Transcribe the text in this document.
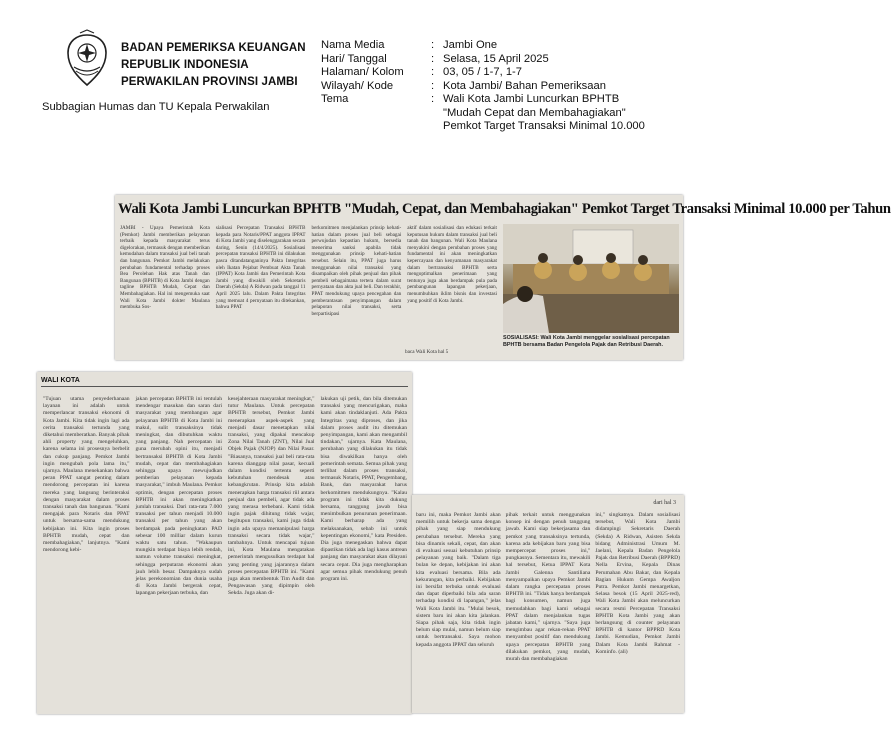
BADAN PEMERIKSA KEUANGAN
REPUBLIK INDONESIA
PERWAKILAN PROVINSI JAMBI
Subbagian Humas dan TU Kepala Perwakilan
Nama Media	: Jambi One
Hari/ Tanggal	: Selasa, 15 April 2025
Halaman/ Kolom	: 03, 05 / 1-7, 1-7
Wilayah/ Kode	: Kota Jambi/ Bahan Pemeriksaan
Tema	: Wali Kota Jambi Luncurkan BPHTB
"Mudah Cepat dan Membahagiakan"
Pemkot Target Transaksi Minimal 10.000
Wali Kota Jambi Luncurkan BPHTB "Mudah, Cepat, dan Membahagiakan" Pemkot Target Transaksi Minimal 10.000 per Tahun
JAMBI - Upaya Pemerintah Kota (Pemkot) Jambi memberikan pelayanan terbaik kepada masyarakat terus digelorakan, termasuk dengan memberikan kemudahan dalam transaksi jual beli tanah dan bangunan. Pemkot Jambi melakukan perubahan fundamental terhadap proses Bea Perolehan Hak atas Tanah dan Bangunan (BPHTB) di Kota Jambi dengan tagline BPHTB Mudah, Cepat dan Membahagiakan. Hal ini mengemuka saat Wali Kota Jambi dokter Maulana membuka Sos-
sialisasi Percepatan Transaksi BPHTB kepada para Notaris/PPAT anggota IPPAT di Kota Jambi yang diselenggarakan secara daring, Senin (14/4/2025). Sosialisasi percepatan transaksi BPHTB ini dilakukan pasca ditandatanganinya Pakta Integritas oleh Ikatan Pejabat Pembuat Akta Tanah (IPPAT) Kota Jambi dan Pemerintah Kota Jambi yang diwakili oleh Sekretaris Daerah (Sekda) A Ridwan pada tanggal 11 April 2025 lalu. Dalam Pakta Integritas yang memuat 4 pernyataan itu ditekankan, bahwa PPAT
berkomitmen menjalankan prinsip kehati-hatian dalam proses jual beli sebagai perwujudan kepastian hukum, bersedia menerima sanksi apabila tidak menggunakan prinsip kehati-hatian tersebut. Selain itu, PPAT juga harus menggunakan nilai transaksi yang disampaikan oleh pihak penjual dan pihak pembeli sebagaimana tertera dalam surat pernyataan dan akta jual beli. Dan terakhir, PPAT mendukung upaya pencegahan dan pemberantasan penyimpangan dalam pelaporan nilai transaksi, serta berpartisipasi
aktif dalam sosialisasi dan edukasi terkait keputusan hukum dalam transaksi jual beli tanah dan bangunan. Wali Kota Maulana menyakini dengan perubahan proses yang fundamental ini akan meningkatkan kepercayaan dan kenyamanan masyarakat dalam bertransaksi BPHTB serta mengoptimalkan penerimaan yang tentunya juga akan berdampak pula pada pembangunan lapangan pekerjaan, menumbuhkan iklim bisnis dan investasi yang positif di Kota Jambi.
baca Wali Kota hal 5
SOSIALISASI: Wali Kota Jambi menggelar sosialisasi percepatan BPHTB bersama Badan Pengelola Pajak dan Retribusi Daerah.
WALI KOTA
"Tujuan utama penyederhanaan layanan ini adalah untuk memperlancar transaksi ekonomi di Kota Jambi. Kita tidak ingin lagi ada cerita transaksi tertunda yang diketahui memberatkan. Banyak pihak ahli property yang mengeluhkan, karena selama ini prosesnya berbelit dan cukup panjang. Pemkot Jambi ingin mengubah pola lama itu," ujarnya. Maulana menekankan bahwa peran PPAT sangat penting dalam mendorong percepatan ini karena mereka yang langsung berinteraksi dengan masyarakat dalam proses transaksi tanah dan bangunan. "Kami mengajak para Notaris dan PPAT untuk bersama-sama mendukung kebijakan ini. Kita ingin proses BPHTB mudah, cepat dan membahagiakan," lanjutnya. "Kami mendorong kebi-
jakan percepatan BPHTB ini tentulah mendengar masukan dan saran dari masyarakat yang membangun agar pelayanan BPHTB di Kota Jambi ini makul, sulit transaksinya tidak meningkat, dan dibutuhkan waktu yang panjang. Nah percepatan ini guna merubah opini itu, menjadi bertransaksi BPHTB di Kota Jambi mudah, cepat dan membahagiakan sehingga upaya mewujudkan pemberian pelayanan kepada masyarakat," imbuh Maulana. Pemkot optimis, dengan percepatan proses BPHTB ini akan meningkatkan jumlah transaksi. Dari rata-rata 7.000 transaksi per tahun menjadi 10.000 transaksi per tahun yang akan berdampak pada peningkatan PAD sebesar 100 milliar dalam kurun waktu satu tahun. "Wakaupun mungkin terdapat biaya lebih rendah, namun volume transaksi meningkat, sehingga perputaran ekonomi akan jauh lebih besar. Dampaknya sudah jelas perekonomian dan dunia usaha di Kota Jambi bergerak cepat, lapangan pekerjaan terbuka, dan
kesejahteraan masyarakat meningkat," tutur Maulana. Untuk percepatan BPHTB tersebut, Pemkot Jambi menerapkan aspek-aspek yang menjadi dasar menetapkan nilai transaksi, yang dipakai mencakup Zona Nilai Tanah (ZNT), Nilai Jual Objek Pajak (NJOP) dan Nilai Pasar. "Biasanya, transaksi jual beli rata-rata karena dianggap nilai pasar, kecuali dalam kondisi tertentu seperti kebutuhan mendesak atau kebangkrutan. Prinsip kita adalah menerapkan harga transaksi riil antara penjual dan pembeli, agar tidak ada yang merasa terbebani. Kami tidak ingin pajak dihitung tidak wajar, begitupun transaksi, kami juga tidak ingin ada upaya memanipulasi harga transaksi secara tidak wajar," tambahnya. Untuk mencapai tujuan ini, Kota Maulana mengatakan pemerintah mengusulkan terdapat hal yang penting yang jajarannya dalam proses percepatan BPHTB ini. "Kami juga akan membentuk Tim Audit dan Pengawasan yang dipimpin oleh Sekda. Juga akan di-
lakukan uji petik, dan bila ditemukan transaksi yang mencurigakan, maka kami akan tindaklanjuti. Ada Pakta Integritas yang diproses, dan jika dalam proses audit itu ditemukan penyimpangan, kami akan mengambil tindakan," ujarnya. Kata Maulana, perubahan yang dilakukan itu tidak bisa diwakilkan hanya oleh pemerintah semata. Semua pihak yang terlibat dalam proses transaksi, termasuk Notaris, PPAT, Pengembang, Bank, dan masyarakat harus berkomitmen mendukungnya. "Kalau program ini tidak kita dukung bersama, tanggung jawab bisa menimbulkan penurunan penerimaan. Kami berharap ada yang melaksanakan, sebab ini untuk kepentingan ekonomi," kata Presiden. Dia juga menegaskan bahwa dapat dipastikan tidak ada lagi kasus antrean panjang dan masyarakat akan dilayani secara cepat. Dia juga mengharapkan agar semua pihak mendukung penuh program ini.
dari hal 3
baru ini, maka Pemkot Jambi akan memilih untuk bekerja sama dengan pihak yang siap mendukung perubahan tersebut. Mereka yang bisa dinamis sekali, cepat, dan akan di evaluasi sesuai kebutuhan prinsip pelayanan yang baik. "Dalam tiga bulan ke depan, kebijakan ini akan kita evaluasi bersama. Bila ada kekurangan, kita perbaiki. Kebijakan ini bersifat terbuka untuk evaluasi dan dapat diperbaiki bila ada saran terhadap kondisi di lapangan," jelas Wali Kota Jambi itu. "Mulai besok, sistem baru ini akan kita jalankan. Siapa pihak saja, kita tidak ingin belum siap mulai, namun belum siap untuk bertransaksi. Saya mohon kepada anggota IPPAT dan seluruh
pihak terkait untuk menggunakan konsep ini dengan penuh tanggung jawab. Kami siap bekerjasama dan pemkot yang transaksinya tertunda, karena ada kebijakan baru yang bisa mempercepat proses ini," pungkasnya. Sementara itu, mewakili hal tersebut, Ketua IPPAT Kota Jambi Galenna Santiliana menyampaikan upaya Pemkot Jambi dalam rangka percepatan proses BPHTB ini. "Tidak hanya berdampak bagi konsumen, namun juga memudahkan bagi kami sebagai PPAT dalam menjalankan tugas jabatan kami," ujarnya. "Saya juga mengimbau agar rekan-rekan PPAT menyambut positif dan mendukung upaya percepatan BPHTB yang dilakukan pemkot, yang mudah, murah dan membahagiakan
ini," singkatnya. Dalam sosialisasi tersebut, Wali Kota Jambi didampingi Sekretaris Daerah (Sekda) A Ridwan, Asisten Sekda bidang Administrasi Umum M. Jaelani, Kepala Badan Pengelola Pajak dan Retribusi Daerah (BPPRD) Nella Ervina, Kepala Dinas Perumahan Abu Bakar, dan Kepala Bagian Hukum Gempa Awaljon Putra. Pemkot Jambi menargetkan, Selasa besok (15 April 2025-red), Wali Kota Jambi akan meluncurkan secara resmi Percepatan Transaksi BPHTB Kota Jambi yang akan berlangsung di counter pelayanan BPHTB di kantor BPPRD Kota Jambi. Kemudian, Pemkot Jambi Dalam Kota Jambi Rahmat - Kominfo. (ali)
